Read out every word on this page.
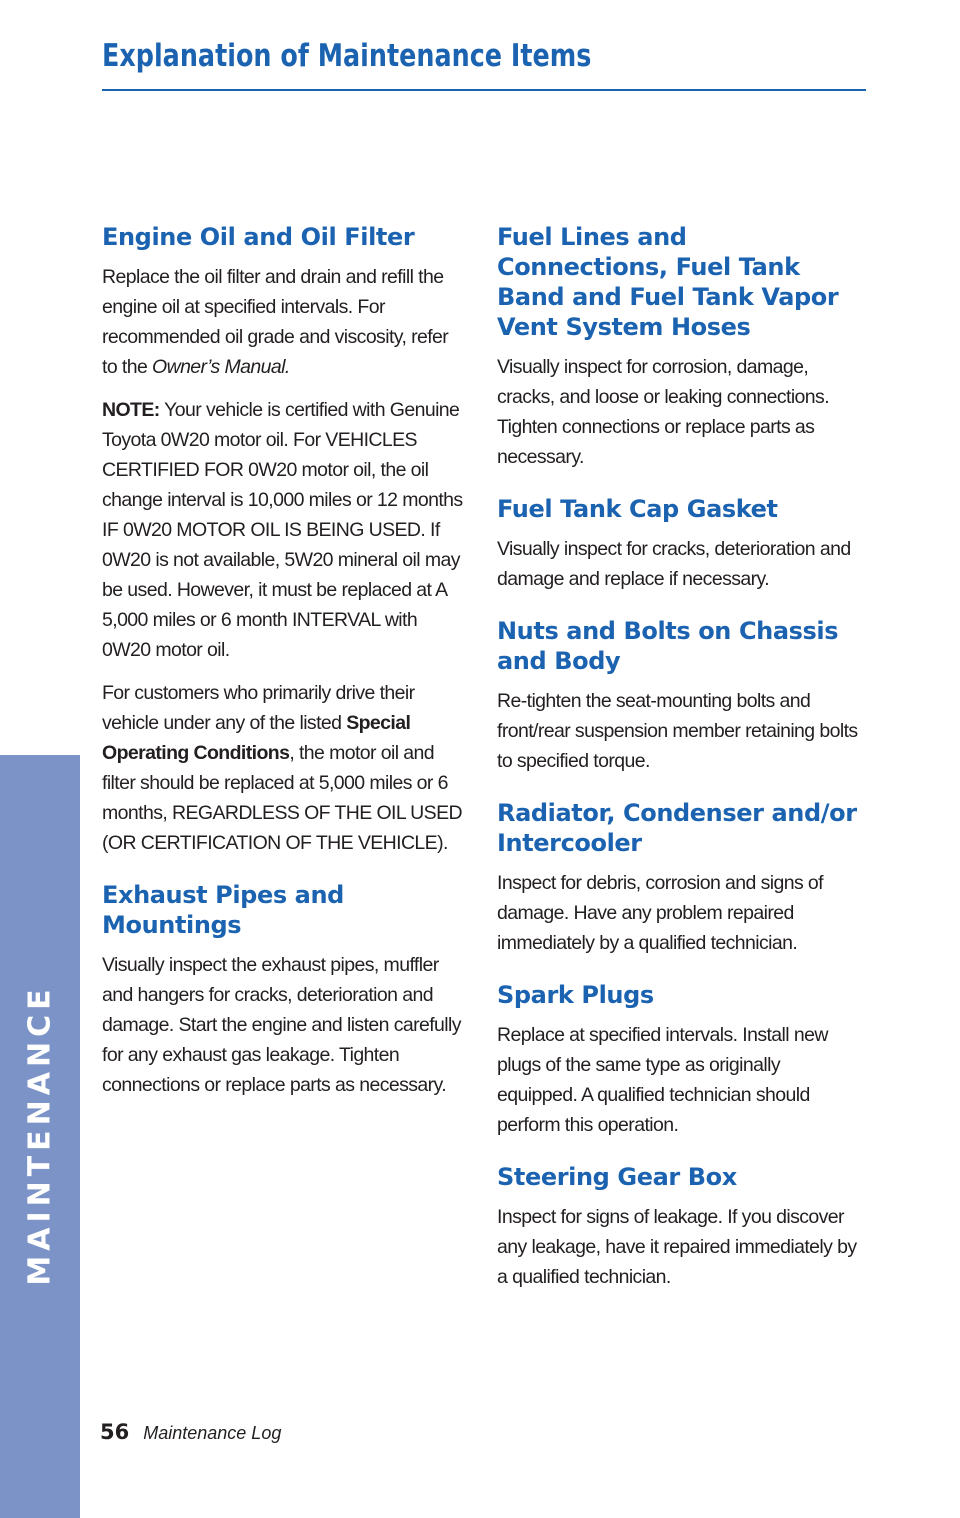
MAINTENANCE
Explanation of Maintenance Items
Engine Oil and Oil Filter

Replace the oil filter and drain and refill the engine oil at specified intervals. For recommended oil grade and viscosity, refer to the Owner’s Manual.

NOTE: Your vehicle is certified with Genuine Toyota 0W20 motor oil. For VEHICLES CERTIFIED FOR 0W20 motor oil, the oil change interval is 10,000 miles or 12 months IF 0W20 MOTOR OIL IS BEING USED. If 0W20 is not available, 5W20 mineral oil may be used. However, it must be replaced at A 5,000 miles or 6 month INTERVAL with 0W20 motor oil.

For customers who primarily drive their vehicle under any of the listed Special Operating Conditions, the motor oil and filter should be replaced at 5,000 miles or 6 months, REGARDLESS OF THE OIL USED (OR CERTIFICATION OF THE VEHICLE).

Exhaust Pipes and Mountings

Visually inspect the exhaust pipes, muffler and hangers for cracks, deterioration and damage. Start the engine and listen carefully for any exhaust gas leakage. Tighten connections or replace parts as necessary.

Fuel Lines and Connections, Fuel Tank Band and Fuel Tank Vapor Vent System Hoses

Visually inspect for corrosion, damage, cracks, and loose or leaking connections. Tighten connections or replace parts as necessary.

Fuel Tank Cap Gasket

Visually inspect for cracks, deterioration and damage and replace if necessary.

Nuts and Bolts on Chassis and Body

Re-tighten the seat-mounting bolts and front/rear suspension member retaining bolts to specified torque.

Radiator, Condenser and/or Intercooler

Inspect for debris, corrosion and signs of damage. Have any problem repaired immediately by a qualified technician.

Spark Plugs

Replace at specified intervals. Install new plugs of the same type as originally equipped. A qualified technician should perform this operation.

Steering Gear Box

Inspect for signs of leakage. If you discover any leakage, have it repaired immediately by a qualified technician.

56 Maintenance Log
